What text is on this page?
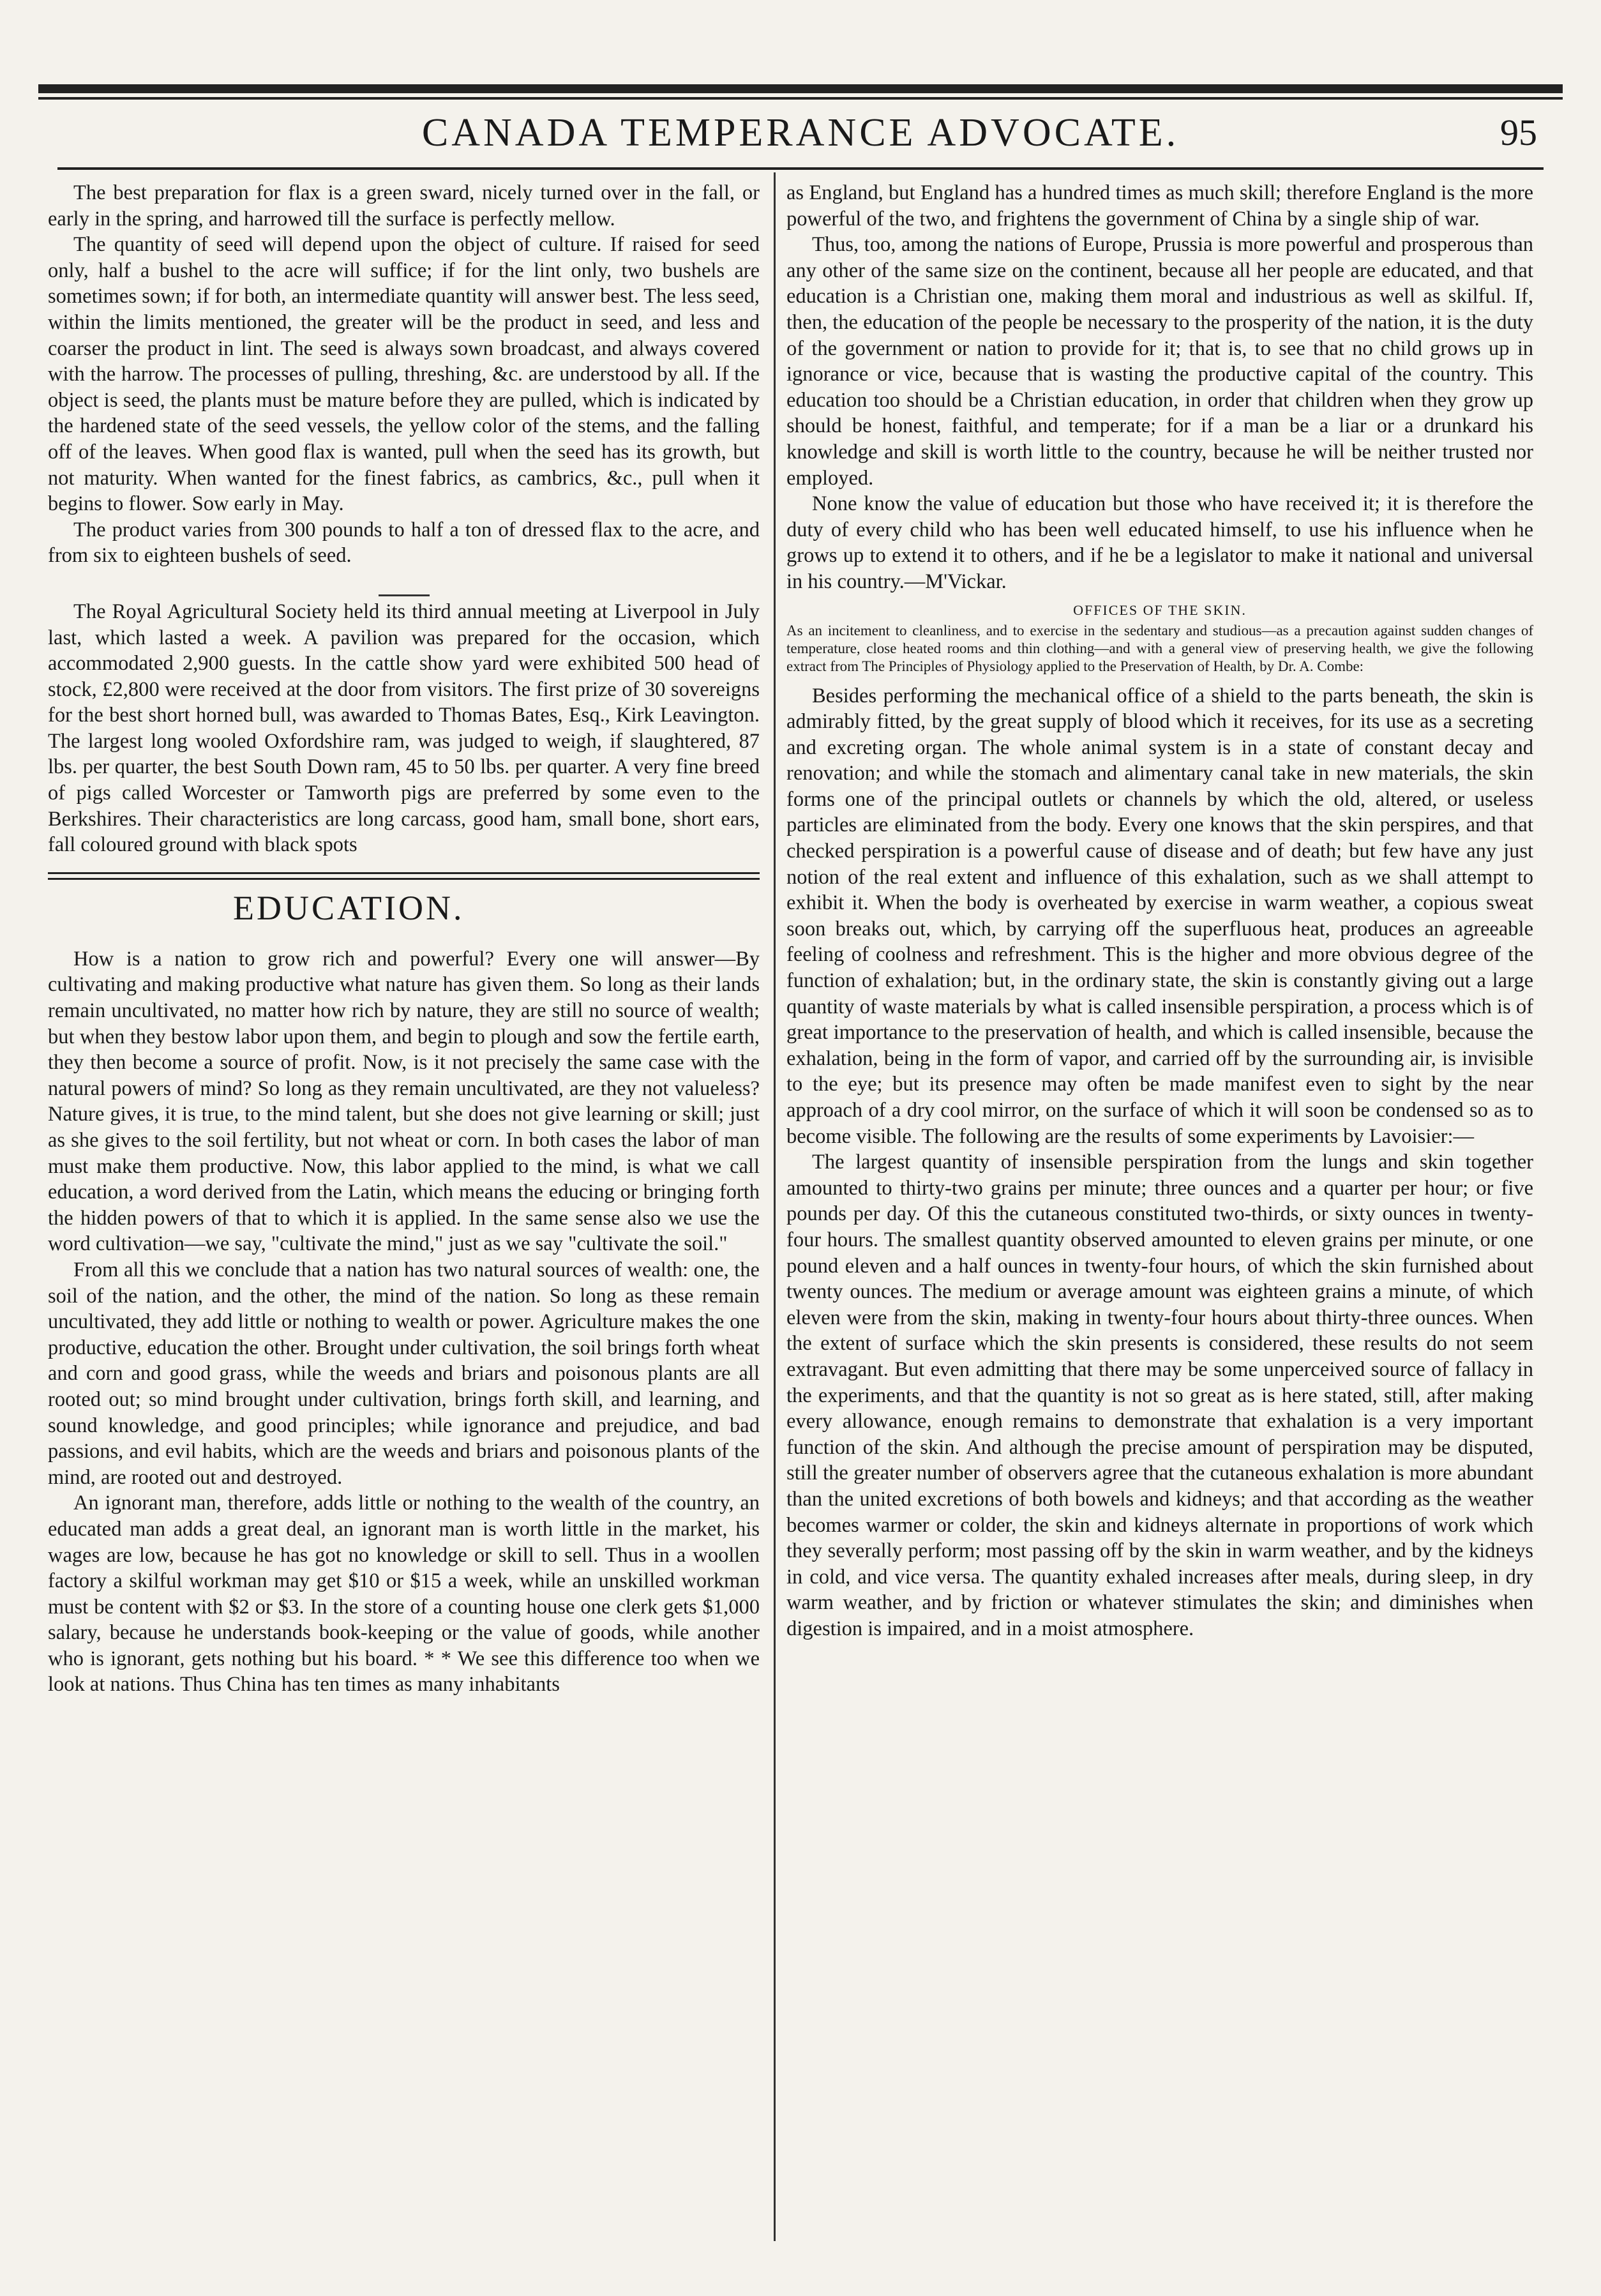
CANADA TEMPERANCE ADVOCATE.	95

The best preparation for flax is a green sward, nicely turned over in the fall, or early in the spring, and harrowed till the surface is perfectly mellow.

The quantity of seed will depend upon the object of culture. If raised for seed only, half a bushel to the acre will suffice; if for the lint only, two bushels are sometimes sown; if for both, an intermediate quantity will answer best. The less seed, within the limits mentioned, the greater will be the product in seed, and less and coarser the product in lint. The seed is always sown broadcast, and always covered with the harrow. The processes of pulling, threshing, &c. are understood by all. If the object is seed, the plants must be mature before they are pulled, which is indicated by the hardened state of the seed vessels, the yellow color of the stems, and the falling off of the leaves. When good flax is wanted, pull when the seed has its growth, but not maturity. When wanted for the finest fabrics, as cambrics, &c., pull when it begins to flower. Sow early in May.

The product varies from 300 pounds to half a ton of dressed flax to the acre, and from six to eighteen bushels of seed.

The Royal Agricultural Society held its third annual meeting at Liverpool in July last, which lasted a week. A pavilion was prepared for the occasion, which accommodated 2,900 guests. In the cattle show yard were exhibited 500 head of stock, £2,800 were received at the door from visitors. The first prize of 30 sovereigns for the best short horned bull, was awarded to Thomas Bates, Esq., Kirk Leavington. The largest long wooled Oxfordshire ram, was judged to weigh, if slaughtered, 87 lbs. per quarter, the best South Down ram, 45 to 50 lbs. per quarter. A very fine breed of pigs called Worcester or Tamworth pigs are preferred by some even to the Berkshires. Their characteristics are long carcass, good ham, small bone, short ears, fall coloured ground with black spots

EDUCATION.

How is a nation to grow rich and powerful? Every one will answer—By cultivating and making productive what nature has given them. So long as their lands remain uncultivated, no matter how rich by nature, they are still no source of wealth; but when they bestow labor upon them, and begin to plough and sow the fertile earth, they then become a source of profit. Now, is it not precisely the same case with the natural powers of mind? So long as they remain uncultivated, are they not valueless? Nature gives, it is true, to the mind talent, but she does not give learning or skill; just as she gives to the soil fertility, but not wheat or corn. In both cases the labor of man must make them productive. Now, this labor applied to the mind, is what we call education, a word derived from the Latin, which means the educing or bringing forth the hidden powers of that to which it is applied. In the same sense also we use the word cultivation—we say, "cultivate the mind," just as we say "cultivate the soil."

From all this we conclude that a nation has two natural sources of wealth: one, the soil of the nation, and the other, the mind of the nation. So long as these remain uncultivated, they add little or nothing to wealth or power. Agriculture makes the one productive, education the other. Brought under cultivation, the soil brings forth wheat and corn and good grass, while the weeds and briars and poisonous plants are all rooted out; so mind brought under cultivation, brings forth skill, and learning, and sound knowledge, and good principles; while ignorance and prejudice, and bad passions, and evil habits, which are the weeds and briars and poisonous plants of the mind, are rooted out and destroyed.

An ignorant man, therefore, adds little or nothing to the wealth of the country, an educated man adds a great deal, an ignorant man is worth little in the market, his wages are low, because he has got no knowledge or skill to sell. Thus in a woollen factory a skilful workman may get $10 or $15 a week, while an unskilled workman must be content with $2 or $3. In the store of a counting house one clerk gets $1,000 salary, because he understands book-keeping or the value of goods, while another who is ignorant, gets nothing but his board. * * We see this difference too when we look at nations. Thus China has ten times as many inhabitants

as England, but England has a hundred times as much skill; therefore England is the more powerful of the two, and frightens the government of China by a single ship of war.

Thus, too, among the nations of Europe, Prussia is more powerful and prosperous than any other of the same size on the continent, because all her people are educated, and that education is a Christian one, making them moral and industrious as well as skilful. If, then, the education of the people be necessary to the prosperity of the nation, it is the duty of the government or nation to provide for it; that is, to see that no child grows up in ignorance or vice, because that is wasting the productive capital of the country. This education too should be a Christian education, in order that children when they grow up should be honest, faithful, and temperate; for if a man be a liar or a drunkard his knowledge and skill is worth little to the country, because he will be neither trusted nor employed.

None know the value of education but those who have received it; it is therefore the duty of every child who has been well educated himself, to use his influence when he grows up to extend it to others, and if he be a legislator to make it national and universal in his country.—M'Vickar.

OFFICES OF THE SKIN.

As an incitement to cleanliness, and to exercise in the sedentary and studious—as a precaution against sudden changes of temperature, close heated rooms and thin clothing—and with a general view of preserving health, we give the following extract from The Principles of Physiology applied to the Preservation of Health, by Dr. A. Combe:

Besides performing the mechanical office of a shield to the parts beneath, the skin is admirably fitted, by the great supply of blood which it receives, for its use as a secreting and excreting organ. The whole animal system is in a state of constant decay and renovation; and while the stomach and alimentary canal take in new materials, the skin forms one of the principal outlets or channels by which the old, altered, or useless particles are eliminated from the body. Every one knows that the skin perspires, and that checked perspiration is a powerful cause of disease and of death; but few have any just notion of the real extent and influence of this exhalation, such as we shall attempt to exhibit it. When the body is overheated by exercise in warm weather, a copious sweat soon breaks out, which, by carrying off the superfluous heat, produces an agreeable feeling of coolness and refreshment. This is the higher and more obvious degree of the function of exhalation; but, in the ordinary state, the skin is constantly giving out a large quantity of waste materials by what is called insensible perspiration, a process which is of great importance to the preservation of health, and which is called insensible, because the exhalation, being in the form of vapor, and carried off by the surrounding air, is invisible to the eye; but its presence may often be made manifest even to sight by the near approach of a dry cool mirror, on the surface of which it will soon be condensed so as to become visible. The following are the results of some experiments by Lavoisier:—

The largest quantity of insensible perspiration from the lungs and skin together amounted to thirty-two grains per minute; three ounces and a quarter per hour; or five pounds per day. Of this the cutaneous constituted two-thirds, or sixty ounces in twenty-four hours. The smallest quantity observed amounted to eleven grains per minute, or one pound eleven and a half ounces in twenty-four hours, of which the skin furnished about twenty ounces. The medium or average amount was eighteen grains a minute, of which eleven were from the skin, making in twenty-four hours about thirty-three ounces. When the extent of surface which the skin presents is considered, these results do not seem extravagant. But even admitting that there may be some unperceived source of fallacy in the experiments, and that the quantity is not so great as is here stated, still, after making every allowance, enough remains to demonstrate that exhalation is a very important function of the skin. And although the precise amount of perspiration may be disputed, still the greater number of observers agree that the cutaneous exhalation is more abundant than the united excretions of both bowels and kidneys; and that according as the weather becomes warmer or colder, the skin and kidneys alternate in proportions of work which they severally perform; most passing off by the skin in warm weather, and by the kidneys in cold, and vice versa. The quantity exhaled increases after meals, during sleep, in dry warm weather, and by friction or whatever stimulates the skin; and diminishes when digestion is impaired, and in a moist atmosphere.
